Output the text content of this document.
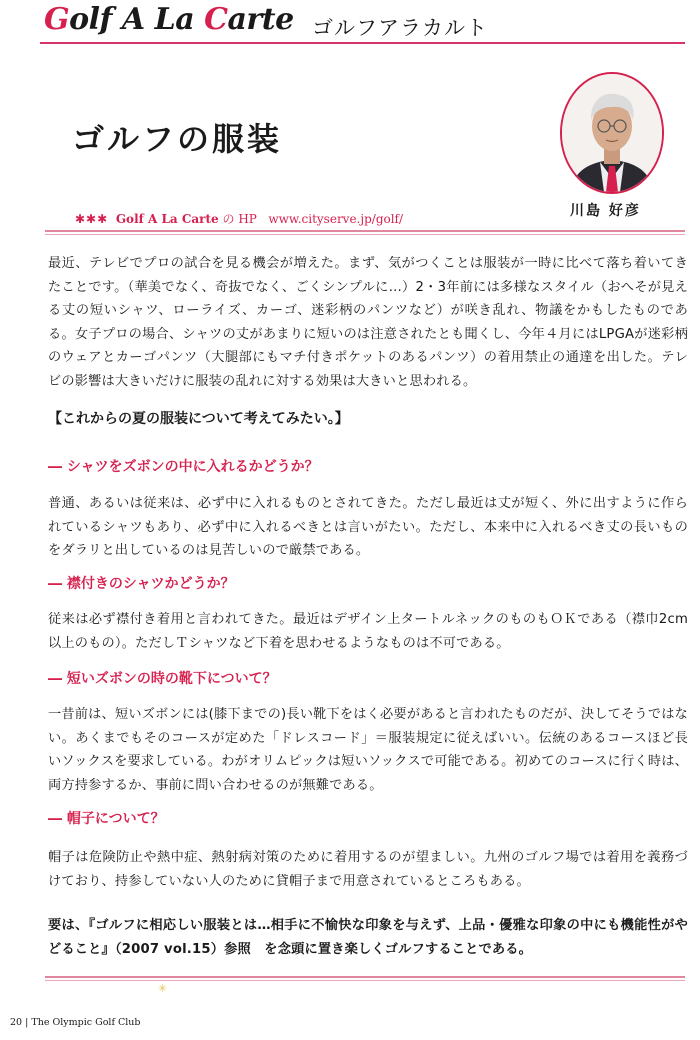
Golf A La Carte ゴルフアラカルト
ゴルフの服装
川島 好彦
✱✱✱ Golf A La Carte の HP www.cityserve.jp/golf/
最近、テレビでプロの試合を見る機会が増えた。まず、気がつくことは服装が一時に比べて落ち着いてきたことです。（華美でなく、奇抜でなく、ごくシンプルに…）2・3年前には多様なスタイル（おへそが見える丈の短いシャツ、ローライズ、カーゴ、迷彩柄のパンツなど）が咲き乱れ、物議をかもしたものである。女子プロの場合、シャツの丈があまりに短いのは注意されたとも聞くし、今年４月にはLPGAが迷彩柄のウェアとカーゴパンツ（大腿部にもマチ付きポケットのあるパンツ）の着用禁止の通達を出した。テレビの影響は大きいだけに服装の乱れに対する効果は大きいと思われる。
【これからの夏の服装について考えてみたい。】
― シャツをズボンの中に入れるかどうか？
普通、あるいは従来は、必ず中に入れるものとされてきた。ただし最近は丈が短く、外に出すように作られているシャツもあり、必ず中に入れるべきとは言いがたい。ただし、本来中に入れるべき丈の長いものをダラリと出しているのは見苦しいので厳禁である。
― 襟付きのシャツかどうか？
従来は必ず襟付き着用と言われてきた。最近はデザイン上タートルネックのものもＯＫである（襟巾2cm以上のもの）。ただしＴシャツなど下着を思わせるようなものは不可である。
― 短いズボンの時の靴下について？
一昔前は、短いズボンには(膝下までの)長い靴下をはく必要があると言われたものだが、決してそうではない。あくまでもそのコースが定めた「ドレスコード」＝服装規定に従えばいい。伝統のあるコースほど長いソックスを要求している。わがオリムピックは短いソックスで可能である。初めてのコースに行く時は、両方持参するか、事前に問い合わせるのが無難である。
― 帽子について？
帽子は危険防止や熱中症、熱射病対策のために着用するのが望ましい。九州のゴルフ場では着用を義務づけており、持参していない人のために貸帽子まで用意されているところもある。
要は、『ゴルフに相応しい服装とは…相手に不愉快な印象を与えず、上品・優雅な印象の中にも機能性がやどること』（2007 vol.15）参照　を念頭に置き楽しくゴルフすることである。
✳
20 | The Olympic Golf Club
